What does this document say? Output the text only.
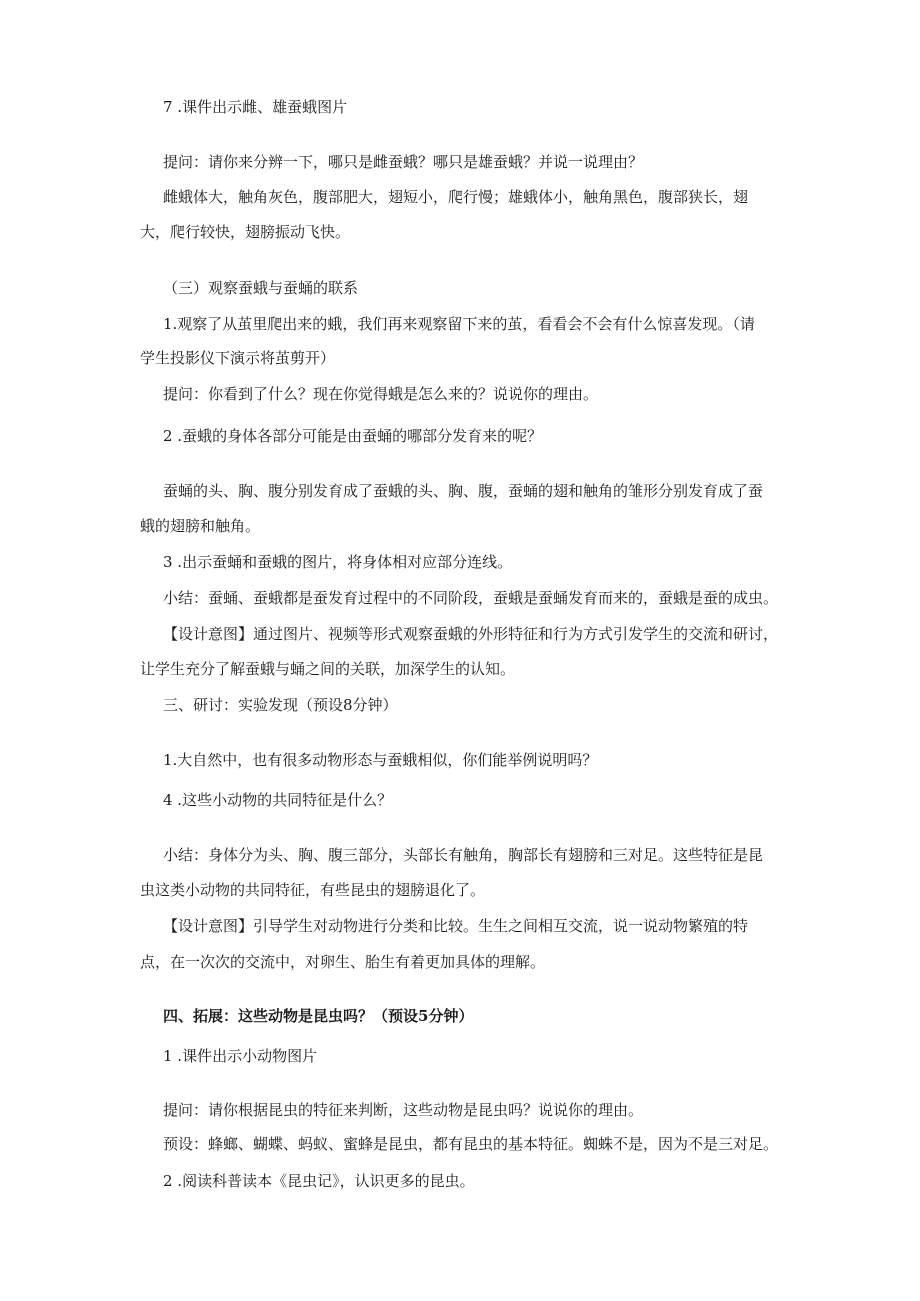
7 .课件出示雌、雄蚕蛾图片

提问：请你来分辨一下，哪只是雌蚕蛾？哪只是雄蚕蛾？并说一说理由？

雌蛾体大，触角灰色，腹部肥大，翅短小，爬行慢；雄蛾体小，触角黑色，腹部狭长，翅

大，爬行较快，翅膀振动飞快。

（三）观察蚕蛾与蚕蛹的联系

1.观察了从茧里爬出来的蛾，我们再来观察留下来的茧，看看会不会有什么惊喜发现。（请

学生投影仪下演示将茧剪开）

提问：你看到了什么？现在你觉得蛾是怎么来的？说说你的理由。

2 .蚕蛾的身体各部分可能是由蚕蛹的哪部分发育来的呢？

蚕蛹的头、胸、腹分别发育成了蚕蛾的头、胸、腹，蚕蛹的翅和触角的雏形分别发育成了蚕

蛾的翅膀和触角。

3 .出示蚕蛹和蚕蛾的图片，将身体相对应部分连线。

小结：蚕蛹、蚕蛾都是蚕发育过程中的不同阶段，蚕蛾是蚕蛹发育而来的，蚕蛾是蚕的成虫。

【设计意图】通过图片、视频等形式观察蚕蛾的外形特征和行为方式引发学生的交流和研讨，

让学生充分了解蚕蛾与蛹之间的关联，加深学生的认知。

三、研讨：实验发现（预设8分钟）

1.大自然中，也有很多动物形态与蚕蛾相似，你们能举例说明吗？

4 .这些小动物的共同特征是什么？

小结：身体分为头、胸、腹三部分，头部长有触角，胸部长有翅膀和三对足。这些特征是昆

虫这类小动物的共同特征，有些昆虫的翅膀退化了。

【设计意图】引导学生对动物进行分类和比较。生生之间相互交流，说一说动物繁殖的特

点，在一次次的交流中，对卵生、胎生有着更加具体的理解。

四、拓展：这些动物是昆虫吗？（预设5分钟）

1 .课件出示小动物图片

提问：请你根据昆虫的特征来判断，这些动物是昆虫吗？说说你的理由。

预设：蜂螂、蝴蝶、蚂蚁、蜜蜂是昆虫，都有昆虫的基本特征。蜘蛛不是，因为不是三对足。

2 .阅读科普读本《昆虫记》，认识更多的昆虫。
